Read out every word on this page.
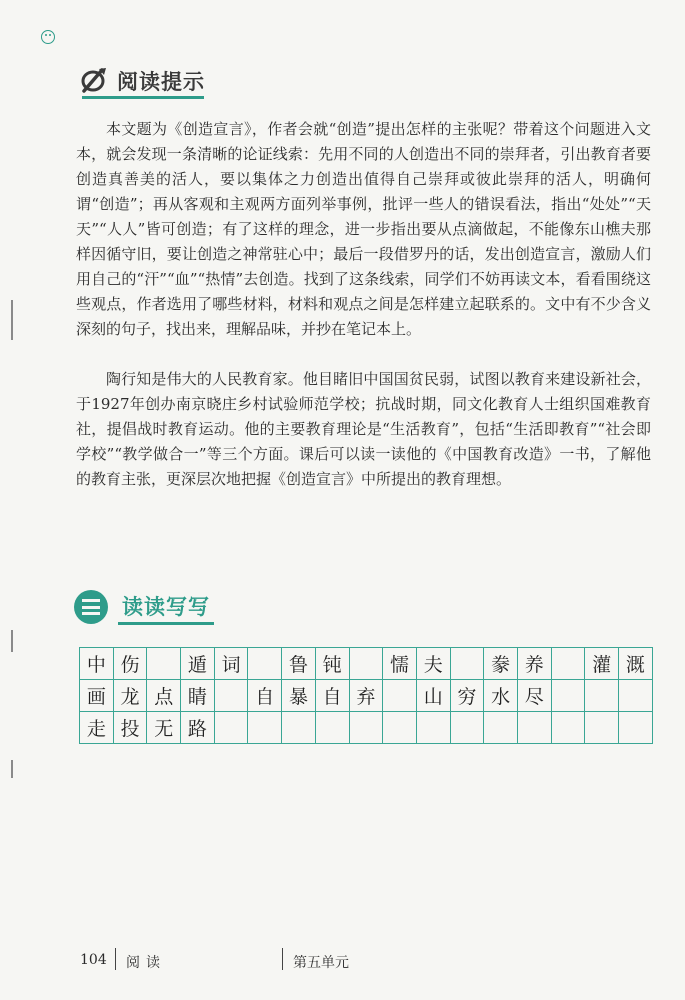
阅读提示

本文题为《创造宣言》，作者会就“创造”提出怎样的主张呢？带着这个问题进入文本，就会发现一条清晰的论证线索：先用不同的人创造出不同的崇拜者，引出教育者要创造真善美的活人，要以集体之力创造出值得自己崇拜或彼此崇拜的活人，明确何谓“创造”；再从客观和主观两方面列举事例，批评一些人的错误看法，指出“处处”“天天”“人人”皆可创造；有了这样的理念，进一步指出要从点滴做起，不能像东山樵夫那样因循守旧，要让创造之神常驻心中；最后一段借罗丹的话，发出创造宣言，激励人们用自己的“汗”“血”“热情”去创造。找到了这条线索，同学们不妨再读文本，看看围绕这些观点，作者选用了哪些材料，材料和观点之间是怎样建立起联系的。文中有不少含义深刻的句子，找出来，理解品味，并抄在笔记本上。

陶行知是伟大的人民教育家。他目睹旧中国国贫民弱，试图以教育来建设新社会，于1927年创办南京晓庄乡村试验师范学校；抗战时期，同文化教育人士组织国难教育社，提倡战时教育运动。他的主要教育理论是“生活教育”，包括“生活即教育”“社会即学校”“教学做合一”等三个方面。课后可以读一读他的《中国教育改造》一书，了解他的教育主张，更深层次地把握《创造宣言》中所提出的教育理想。

读读写写
中 伤	遁 词	鲁 钝	懦 夫	豢 养	灌 溉
画 龙 点 睛	自 暴 自 弃	山 穷 水 尽
走 投 无 路
104 阅读	第五单元
